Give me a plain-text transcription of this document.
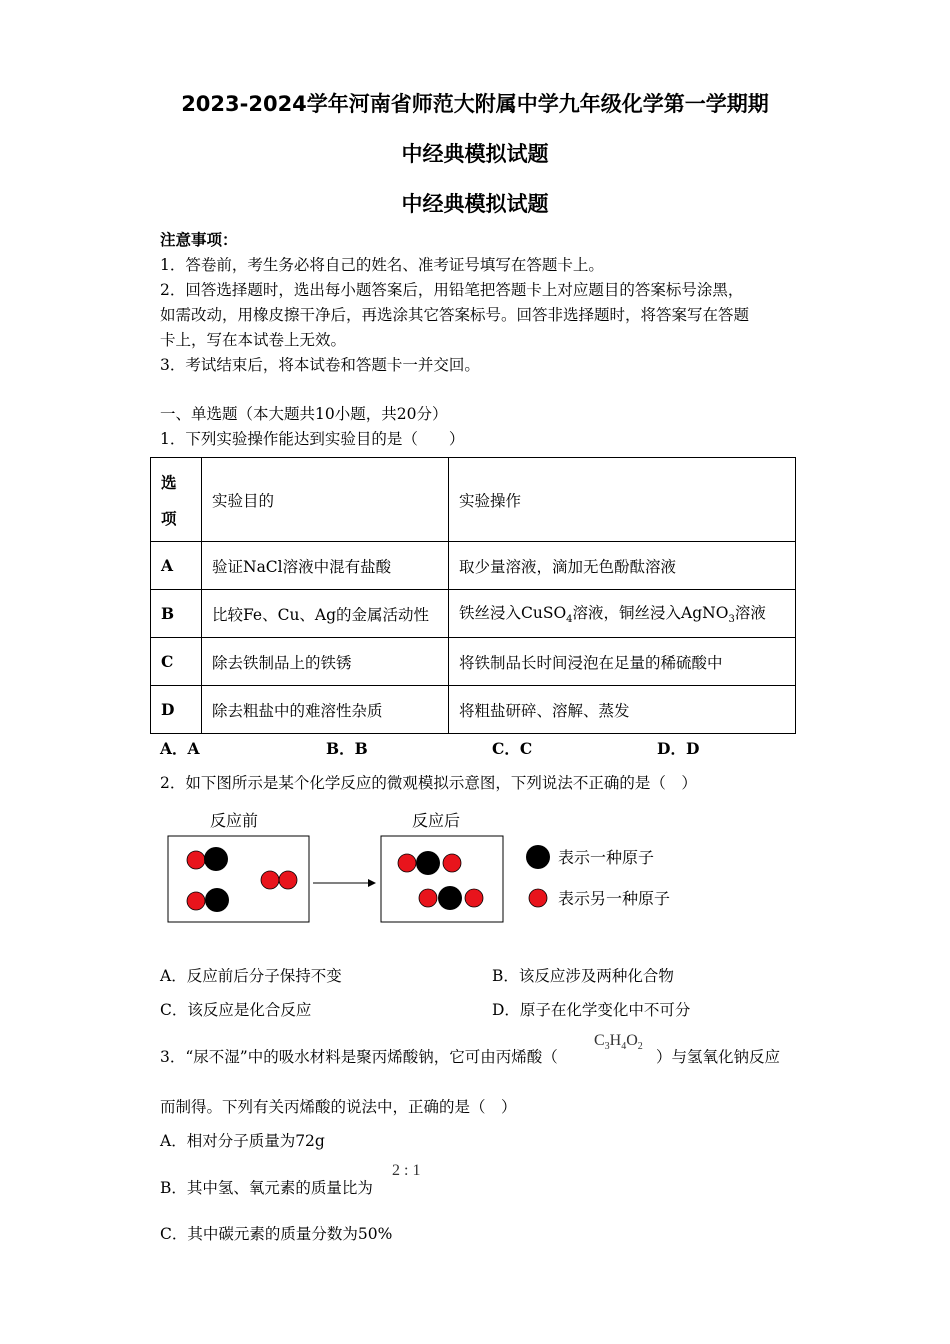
2023-2024学年河南省师范大附属中学九年级化学第一学期期
中经典模拟试题
中经典模拟试题
注意事项：
1．答卷前，考生务必将自己的姓名、准考证号填写在答题卡上。
2．回答选择题时，选出每小题答案后，用铅笔把答题卡上对应题目的答案标号涂黑，
如需改动，用橡皮擦干净后，再选涂其它答案标号。回答非选择题时，将答案写在答题
卡上，写在本试卷上无效。
3．考试结束后，将本试卷和答题卡一并交回。
一、单选题（本大题共10小题，共20分）
1．下列实验操作能达到实验目的是（　　）
选
项	实验目的	实验操作
A	验证NaCl溶液中混有盐酸	取少量溶液，滴加无色酚酞溶液
B	比较Fe、Cu、Ag的金属活动性	铁丝浸入CuSO$_4$溶液，铜丝浸入AgNO$_3$溶液
C	除去铁制品上的铁锈	将铁制品长时间浸泡在足量的稀硫酸中
D	除去粗盐中的难溶性杂质	将粗盐研碎、溶解、蒸发
A．A	B．B	C．C	D．D
2．如下图所示是某个化学反应的微观模拟示意图，下列说法不正确的是（　）
反应前	反应后
表示一种原子
表示另一种原子
A．反应前后分子保持不变	B．该反应涉及两种化合物
C．该反应是化合反应	D．原子在化学变化中不可分
3．“尿不湿”中的吸水材料是聚丙烯酸钠，它可由丙烯酸（
$C_3H_4O_2$
）与氢氧化钠反应
而制得。下列有关丙烯酸的说法中，正确的是（　）
A．相对分子质量为72g
B．其中氢、氧元素的质量比为
2 : 1
C．其中碳元素的质量分数为50%
